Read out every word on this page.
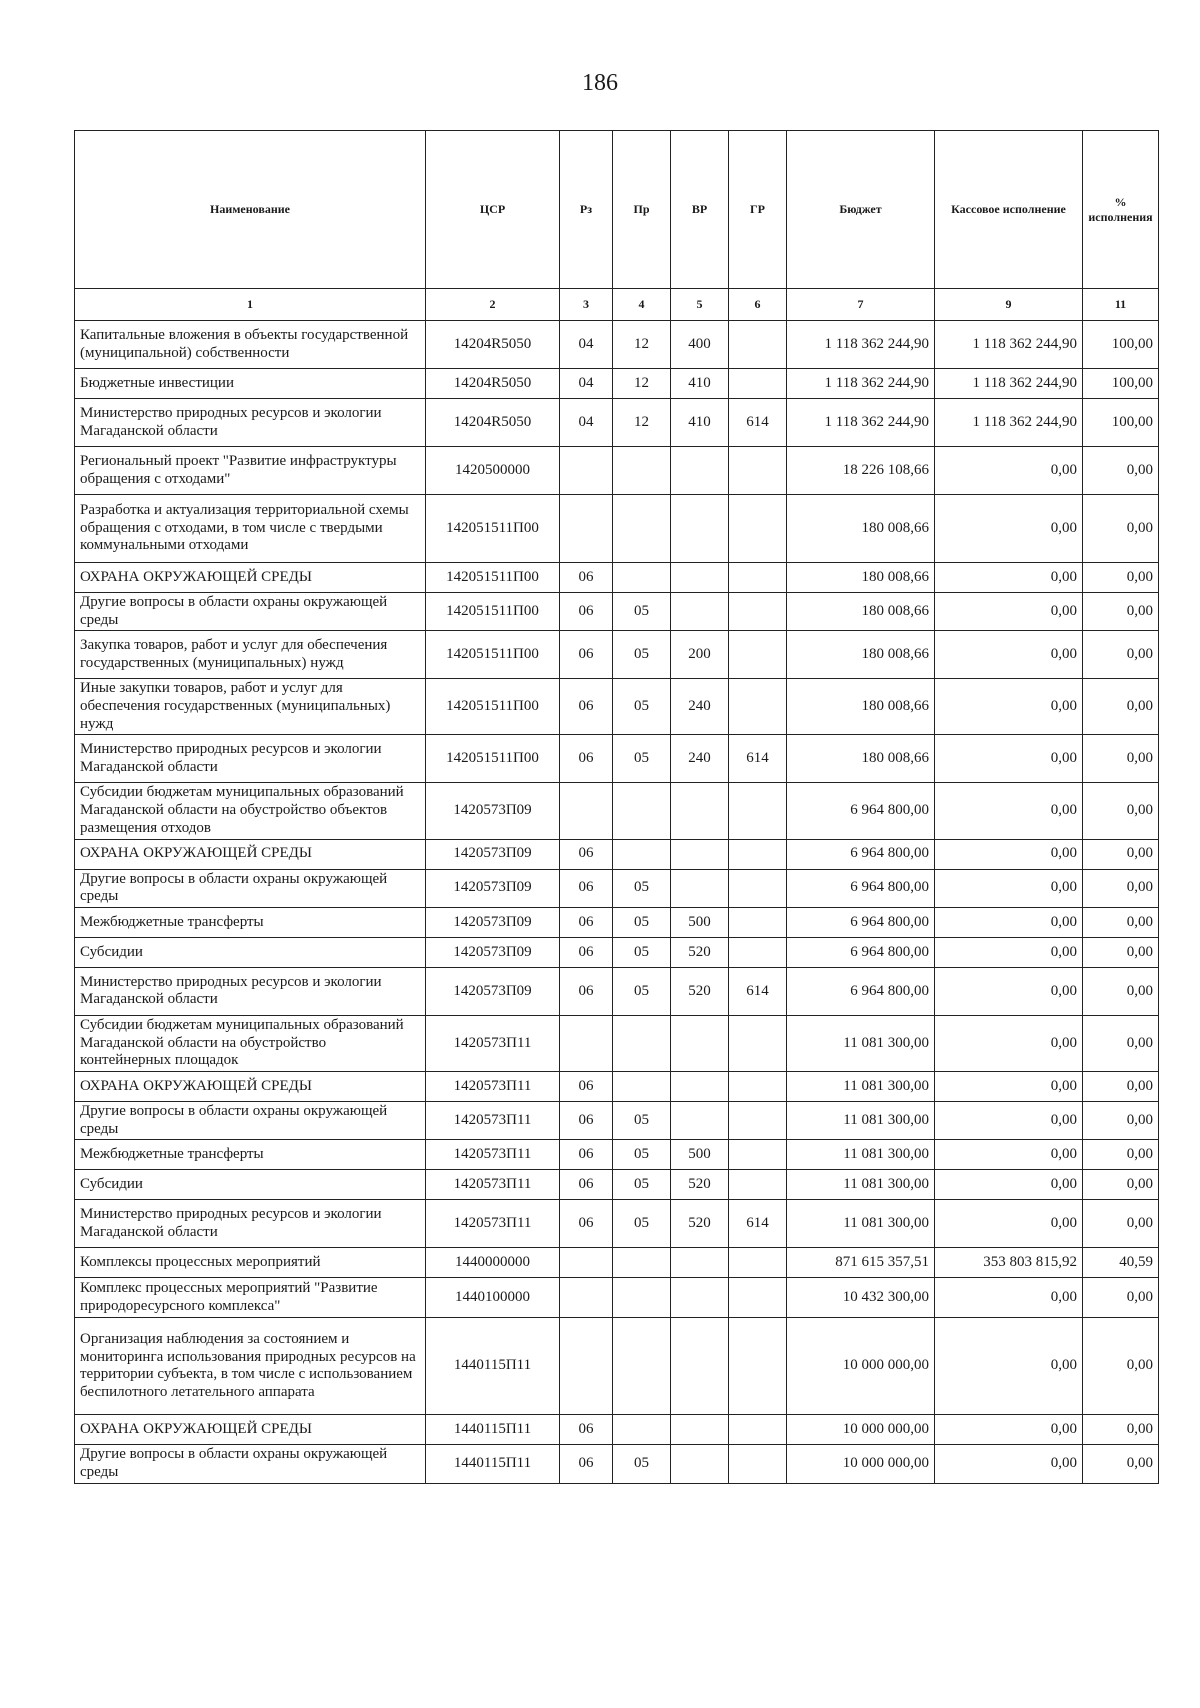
186
Наименование	ЦСР	Рз	Пр	ВР	ГР	Бюджет	Кассовое исполнение	% исполнения
1	2	3	4	5	6	7	9	11
Капитальные вложения в объекты государственной (муниципальной) собственности	14204R5050	04	12	400		1 118 362 244,90	1 118 362 244,90	100,00
Бюджетные инвестиции	14204R5050	04	12	410		1 118 362 244,90	1 118 362 244,90	100,00
Министерство природных ресурсов и экологии Магаданской области	14204R5050	04	12	410	614	1 118 362 244,90	1 118 362 244,90	100,00
Региональный проект "Развитие инфраструктуры обращения с отходами"	1420500000					18 226 108,66	0,00	0,00
Разработка и актуализация территориальной схемы обращения с отходами, в том числе с твердыми коммунальными отходами	142051511П00					180 008,66	0,00	0,00
ОХРАНА ОКРУЖАЮЩЕЙ СРЕДЫ	142051511П00	06				180 008,66	0,00	0,00
Другие вопросы в области охраны окружающей среды	142051511П00	06	05			180 008,66	0,00	0,00
Закупка товаров, работ и услуг для обеспечения государственных (муниципальных) нужд	142051511П00	06	05	200		180 008,66	0,00	0,00
Иные закупки товаров, работ и услуг для обеспечения государственных (муниципальных) нужд	142051511П00	06	05	240		180 008,66	0,00	0,00
Министерство природных ресурсов и экологии Магаданской области	142051511П00	06	05	240	614	180 008,66	0,00	0,00
Субсидии бюджетам муниципальных образований Магаданской области на обустройство объектов размещения отходов	1420573П09					6 964 800,00	0,00	0,00
ОХРАНА ОКРУЖАЮЩЕЙ СРЕДЫ	1420573П09	06				6 964 800,00	0,00	0,00
Другие вопросы в области охраны окружающей среды	1420573П09	06	05			6 964 800,00	0,00	0,00
Межбюджетные трансферты	1420573П09	06	05	500		6 964 800,00	0,00	0,00
Субсидии	1420573П09	06	05	520		6 964 800,00	0,00	0,00
Министерство природных ресурсов и экологии Магаданской области	1420573П09	06	05	520	614	6 964 800,00	0,00	0,00
Субсидии бюджетам муниципальных образований Магаданской области на обустройство контейнерных площадок	1420573П11					11 081 300,00	0,00	0,00
ОХРАНА ОКРУЖАЮЩЕЙ СРЕДЫ	1420573П11	06				11 081 300,00	0,00	0,00
Другие вопросы в области охраны окружающей среды	1420573П11	06	05			11 081 300,00	0,00	0,00
Межбюджетные трансферты	1420573П11	06	05	500		11 081 300,00	0,00	0,00
Субсидии	1420573П11	06	05	520		11 081 300,00	0,00	0,00
Министерство природных ресурсов и экологии Магаданской области	1420573П11	06	05	520	614	11 081 300,00	0,00	0,00
Комплексы процессных мероприятий	1440000000					871 615 357,51	353 803 815,92	40,59
Комплекс процессных мероприятий "Развитие природоресурсного комплекса"	1440100000					10 432 300,00	0,00	0,00
Организация наблюдения за состоянием и мониторинга использования природных ресурсов на территории субъекта, в том числе с использованием беспилотного летательного аппарата	1440115П11					10 000 000,00	0,00	0,00
ОХРАНА ОКРУЖАЮЩЕЙ СРЕДЫ	1440115П11	06				10 000 000,00	0,00	0,00
Другие вопросы в области охраны окружающей среды	1440115П11	06	05			10 000 000,00	0,00	0,00
